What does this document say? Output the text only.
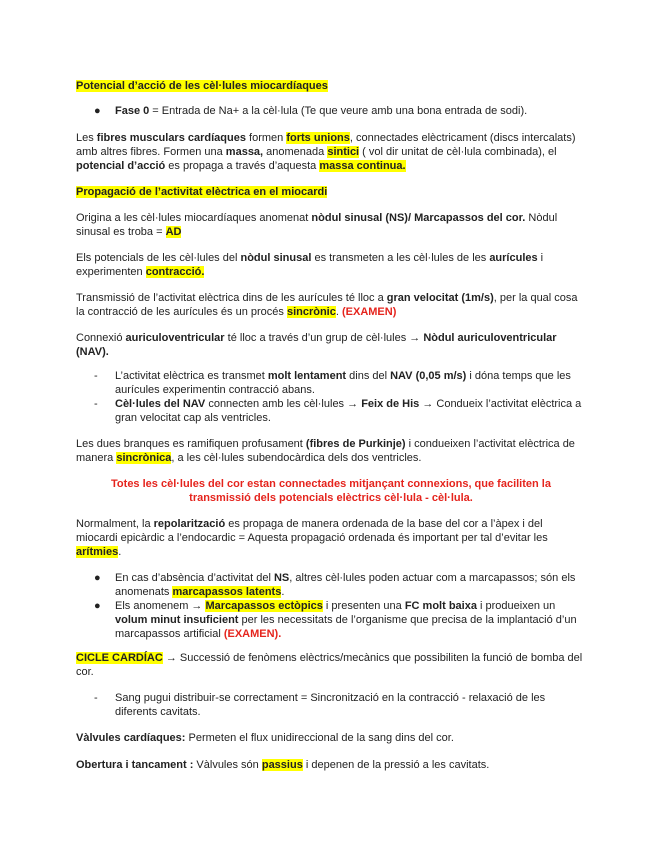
Potencial d’acció de les cèl·lules miocardíaques

● Fase 0 = Entrada de Na+ a la cèl·lula (Te que veure amb una bona entrada de sodi).

Les fibres musculars cardíaques formen forts unions, connectades elèctricament (discs intercalats) amb altres fibres. Formen una massa, anomenada sintici ( vol dir unitat de cèl·lula combinada), el potencial d’acció es propaga a través d’aquesta massa continua.

Propagació de l’activitat elèctrica en el miocardi

Origina a les cèl·lules miocardíaques anomenat nòdul sinusal (NS)/ Marcapassos del cor. Nòdul sinusal es troba = AD

Els potencials de les cèl·lules del nòdul sinusal es transmeten a les cèl·lules de les aurícules i experimenten contracció.

Transmissió de l’activitat elèctrica dins de les aurícules té lloc a gran velocitat (1m/s), per la qual cosa la contracció de les aurícules és un procés sincrònic. (EXAMEN)

Connexió auriculoventricular té lloc a través d’un grup de cèl·lules → Nòdul auriculoventricular (NAV).

- L’activitat elèctrica es transmet molt lentament dins del NAV (0,05 m/s) i dóna temps que les aurícules experimentin contracció abans.
- Cèl·lules del NAV connecten amb les cèl·lules → Feix de His → Condueix l’activitat elèctrica a gran velocitat cap als ventricles.

Les dues branques es ramifiquen profusament (fibres de Purkinje) i condueixen l’activitat elèctrica de manera sincrònica, a les cèl·lules subendocàrdica dels dos ventricles.

Totes les cèl·lules del cor estan connectades mitjançant connexions, que faciliten la transmissió dels potencials elèctrics cèl·lula - cèl·lula.

Normalment, la repolarització es propaga de manera ordenada de la base del cor a l’àpex i del miocardi epicàrdic a l’endocardic = Aquesta propagació ordenada és important per tal d’evitar les arítmies.

● En cas d’absència d’activitat del NS, altres cèl·lules poden actuar com a marcapassos; són els anomenats marcapassos latents.
● Els anomenem → Marcapassos ectòpics i presenten una FC molt baixa i produeixen un volum minut insuficient per les necessitats de l’organisme que precisa de la implantació d’un marcapassos artificial (EXAMEN).

CICLE CARDÍAC → Successió de fenòmens elèctrics/mecànics que possibiliten la funció de bomba del cor.

- Sang pugui distribuir-se correctament = Sincronització en la contracció - relaxació de les diferents cavitats.

Vàlvules cardíaques: Permeten el flux unidireccional de la sang dins del cor.

Obertura i tancament : Vàlvules són passius i depenen de la pressió a les cavitats.
